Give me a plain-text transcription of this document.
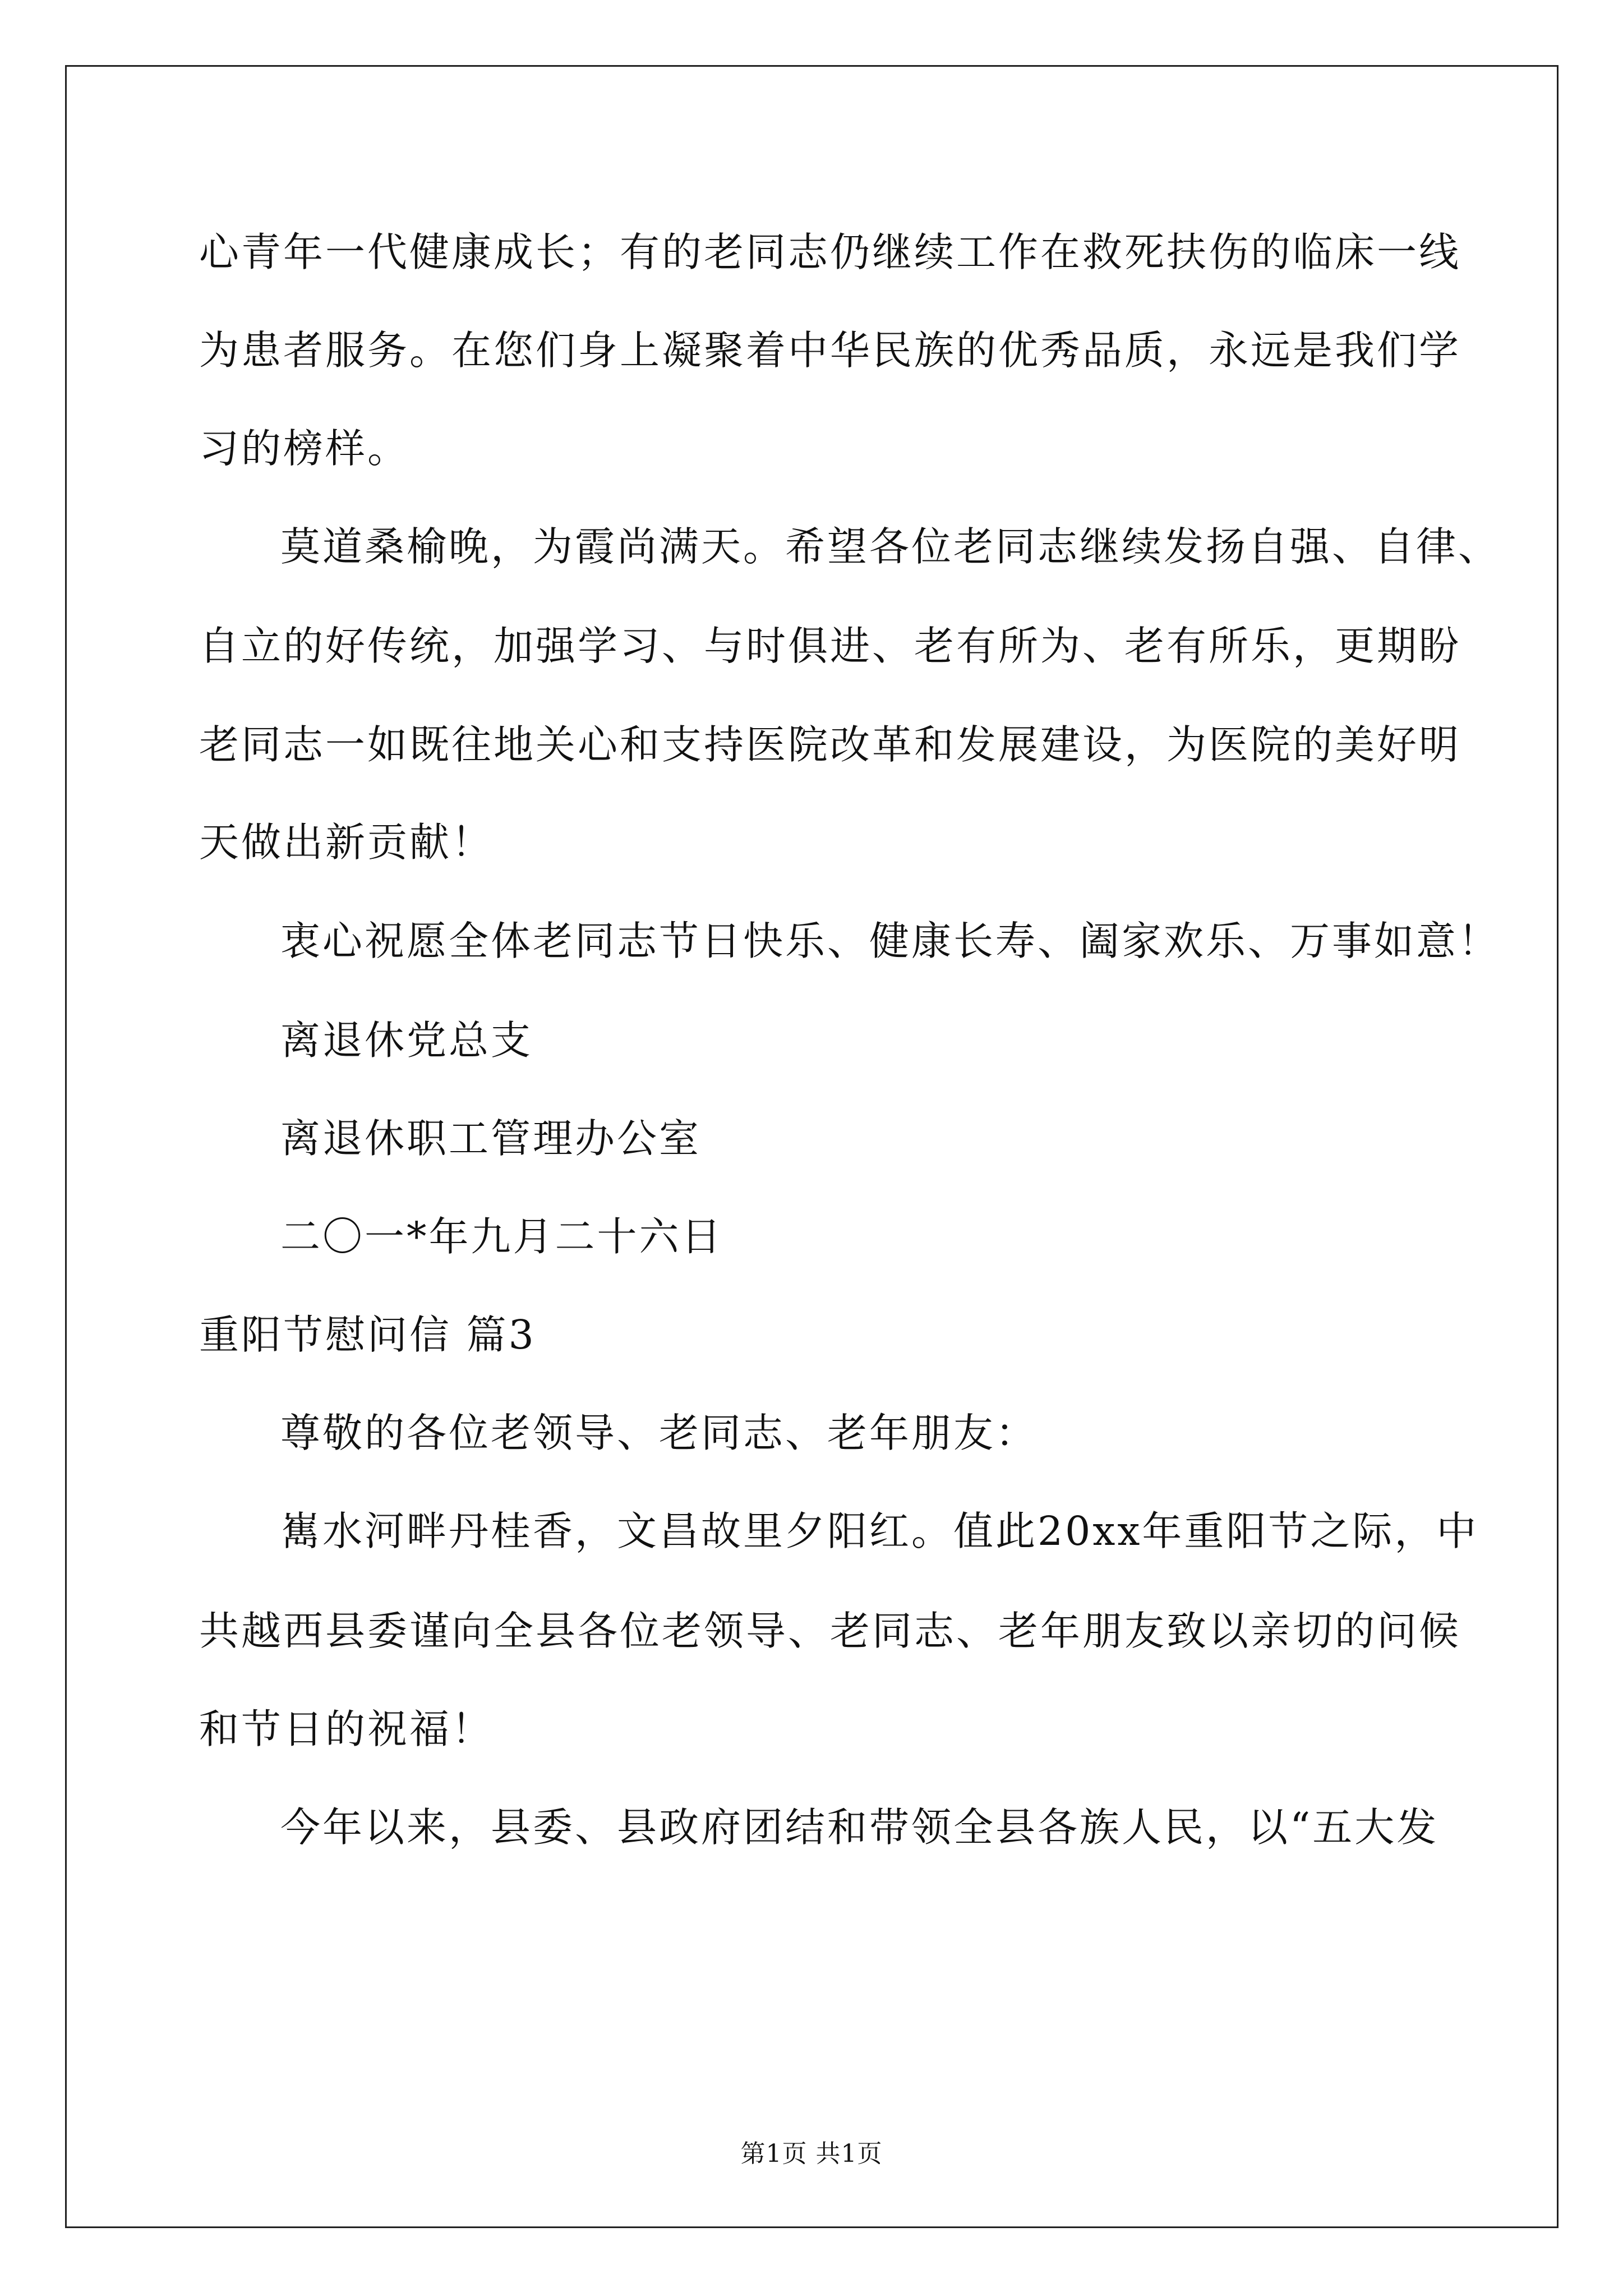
心青年一代健康成长；有的老同志仍继续工作在救死扶伤的临床一线
为患者服务。在您们身上凝聚着中华民族的优秀品质，永远是我们学
习的榜样。
莫道桑榆晚，为霞尚满天。希望各位老同志继续发扬自强、自律、
自立的好传统，加强学习、与时俱进、老有所为、老有所乐，更期盼
老同志一如既往地关心和支持医院改革和发展建设，为医院的美好明
天做出新贡献！
衷心祝愿全体老同志节日快乐、健康长寿、阖家欢乐、万事如意！
离退休党总支
离退休职工管理办公室
二〇一*年九月二十六日
重阳节慰问信 篇3
尊敬的各位老领导、老同志、老年朋友：
嶲水河畔丹桂香，文昌故里夕阳红。值此20xx年重阳节之际，中
共越西县委谨向全县各位老领导、老同志、老年朋友致以亲切的问候
和节日的祝福！
今年以来，县委、县政府团结和带领全县各族人民，以“五大发
第1页 共1页
